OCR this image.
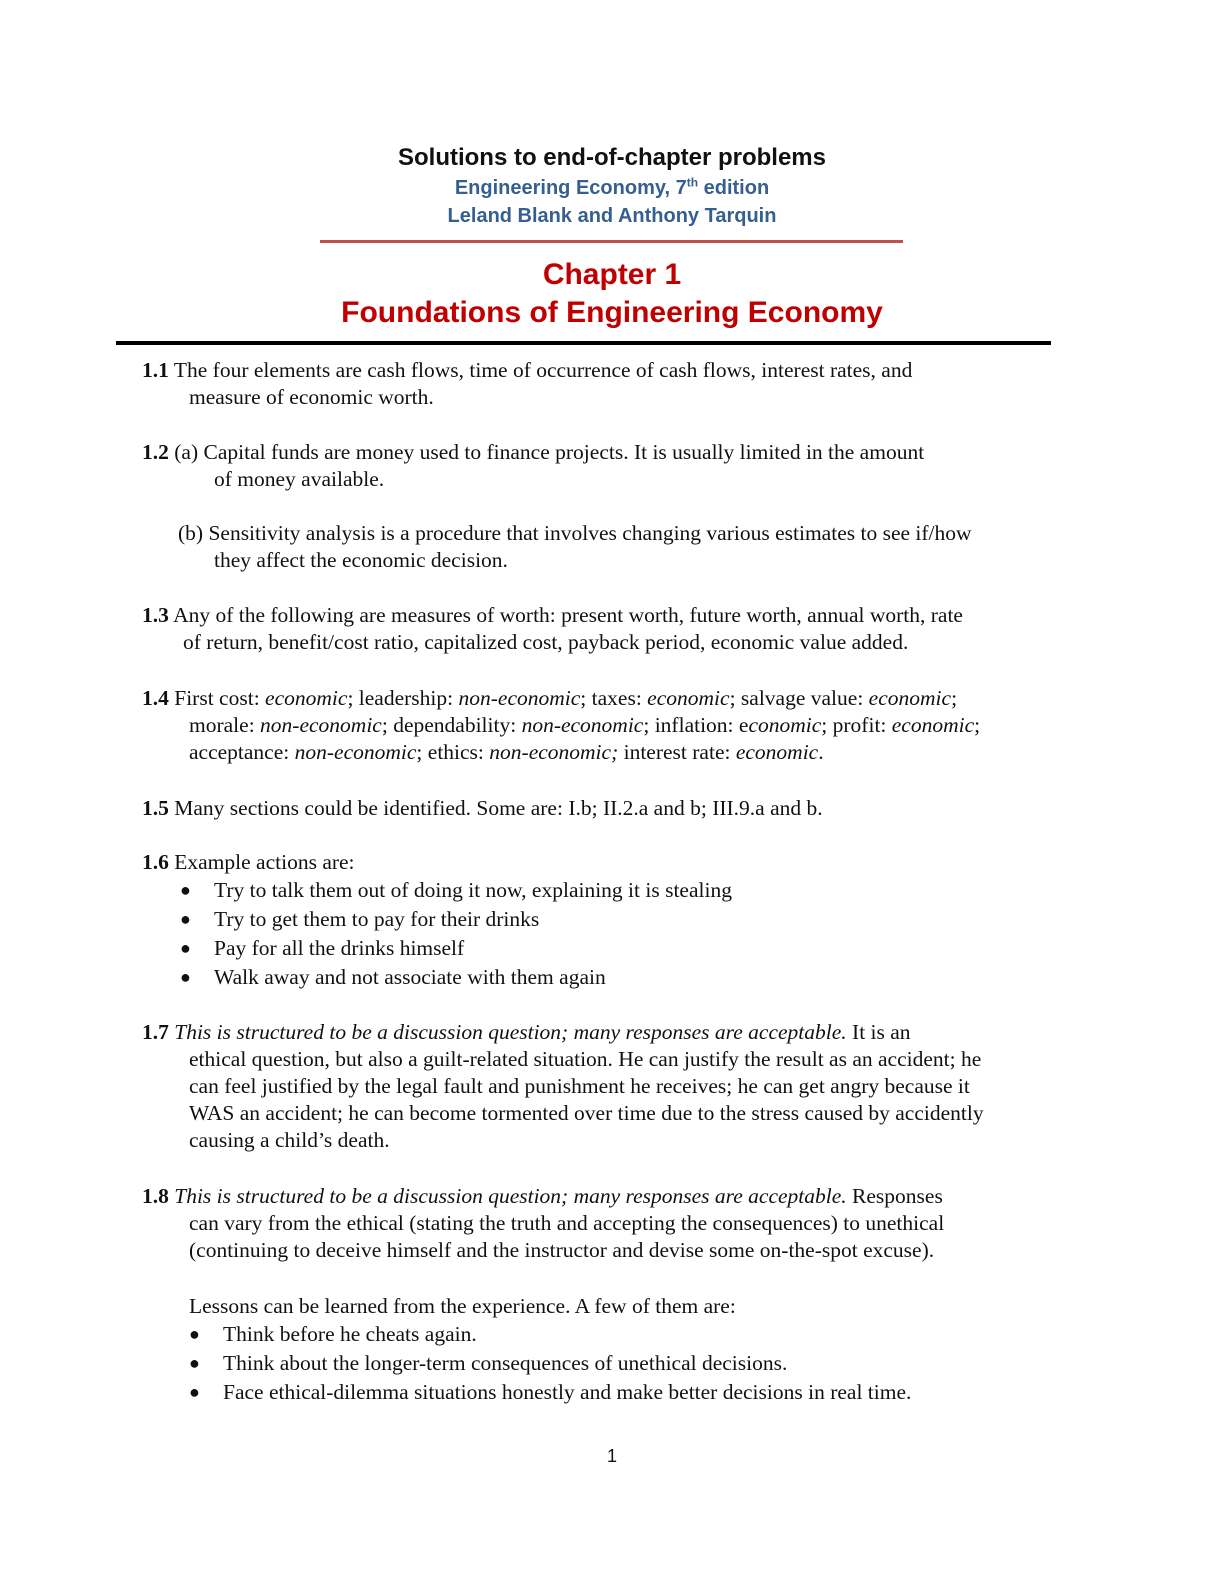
Solutions to end-of-chapter problems
Engineering Economy, 7th edition
Leland Blank and Anthony Tarquin
Chapter 1
Foundations of Engineering Economy
1.1 The four elements are cash flows, time of occurrence of cash flows, interest rates, and
measure of economic worth.
1.2 (a) Capital funds are money used to finance projects. It is usually limited in the amount
of money available.
(b) Sensitivity analysis is a procedure that involves changing various estimates to see if/how
they affect the economic decision.
1.3 Any of the following are measures of worth: present worth, future worth, annual worth, rate
of return, benefit/cost ratio, capitalized cost, payback period, economic value added.
1.4 First cost: economic; leadership: non-economic; taxes: economic; salvage value: economic;
morale: non-economic; dependability: non-economic; inflation: economic; profit: economic;
acceptance: non-economic; ethics: non-economic; interest rate: economic.
1.5 Many sections could be identified. Some are: I.b; II.2.a and b; III.9.a and b.
1.6 Example actions are:
● Try to talk them out of doing it now, explaining it is stealing
● Try to get them to pay for their drinks
● Pay for all the drinks himself
● Walk away and not associate with them again
1.7 This is structured to be a discussion question; many responses are acceptable. It is an
ethical question, but also a guilt-related situation. He can justify the result as an accident; he
can feel justified by the legal fault and punishment he receives; he can get angry because it
WAS an accident; he can become tormented over time due to the stress caused by accidently
causing a child’s death.
1.8 This is structured to be a discussion question; many responses are acceptable. Responses
can vary from the ethical (stating the truth and accepting the consequences) to unethical
(continuing to deceive himself and the instructor and devise some on-the-spot excuse).
Lessons can be learned from the experience. A few of them are:
● Think before he cheats again.
● Think about the longer-term consequences of unethical decisions.
● Face ethical-dilemma situations honestly and make better decisions in real time.
1
